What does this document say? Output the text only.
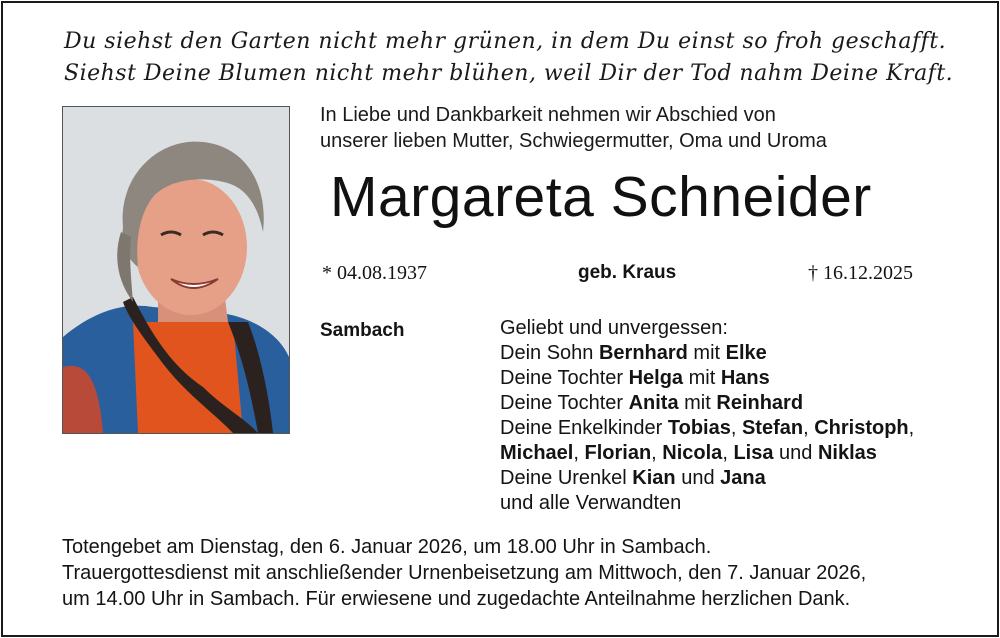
Du siehst den Garten nicht mehr grünen, in dem Du einst so froh geschafft.
Siehst Deine Blumen nicht mehr blühen, weil Dir der Tod nahm Deine Kraft.
In Liebe und Dankbarkeit nehmen wir Abschied von
unserer lieben Mutter, Schwiegermutter, Oma und Uroma
Margareta Schneider
* 04.08.1937	geb. Kraus	† 16.12.2025
Sambach	Geliebt und unvergessen:
Dein Sohn Bernhard mit Elke
Deine Tochter Helga mit Hans
Deine Tochter Anita mit Reinhard
Deine Enkelkinder Tobias, Stefan, Christoph,
Michael, Florian, Nicola, Lisa und Niklas
Deine Urenkel Kian und Jana
und alle Verwandten
Totengebet am Dienstag, den 6. Januar 2026, um 18.00 Uhr in Sambach.
Trauergottesdienst mit anschließender Urnenbeisetzung am Mittwoch, den 7. Januar 2026,
um 14.00 Uhr in Sambach. Für erwiesene und zugedachte Anteilnahme herzlichen Dank.
